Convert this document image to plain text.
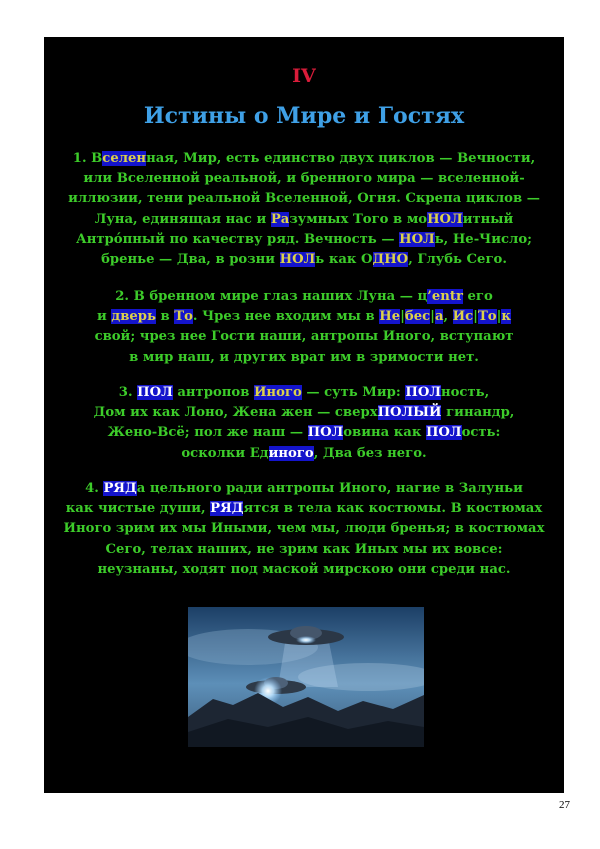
IV
Истины о Мире и Гостях
1. Вселенная, Мир, есть единство двух циклов — Вечности,
или Вселенной реальной, и бренного мира — вселенной-
иллюзии, тени реальной Вселенной, Огня. Скрепа циклов —
Луна, единящая нас и Разумных Того в моНОЛитный
Антрóпный по качеству ряд. Вечность — НОЛь, Не-Число;
бренье — Два, в розни НОЛь как ОДНО, Глубь Сего.
2. В бренном мире глаз наших Луна — ц’entr его
и дверь в То. Чрез нее входим мы в Не|бес|а, Ис|То|к
свой; чрез нее Гости наши, антропы Иного, вступают
в мир наш, и других врат им в зримости нет.
3. ПОЛ антропов Иного — суть Мир: ПОЛность,
Дом их как Лоно, Жена жен — сверхПОЛЫЙ гинандр,
Жено-Всё; пол же наш — ПОЛовина как ПОЛость:
осколки Единого, Два без него.
4. РЯДа цельного ради антропы Иного, нагие в Залуньи
как чистые души, РЯДятся в тела как костюмы. В костюмах
Иного зрим их мы Иными, чем мы, люди бренья; в костюмах
Сего, телах наших, не зрим как Иных мы их вовсе:
неузнаны, ходят под маской мирскою они среди нас.
27
